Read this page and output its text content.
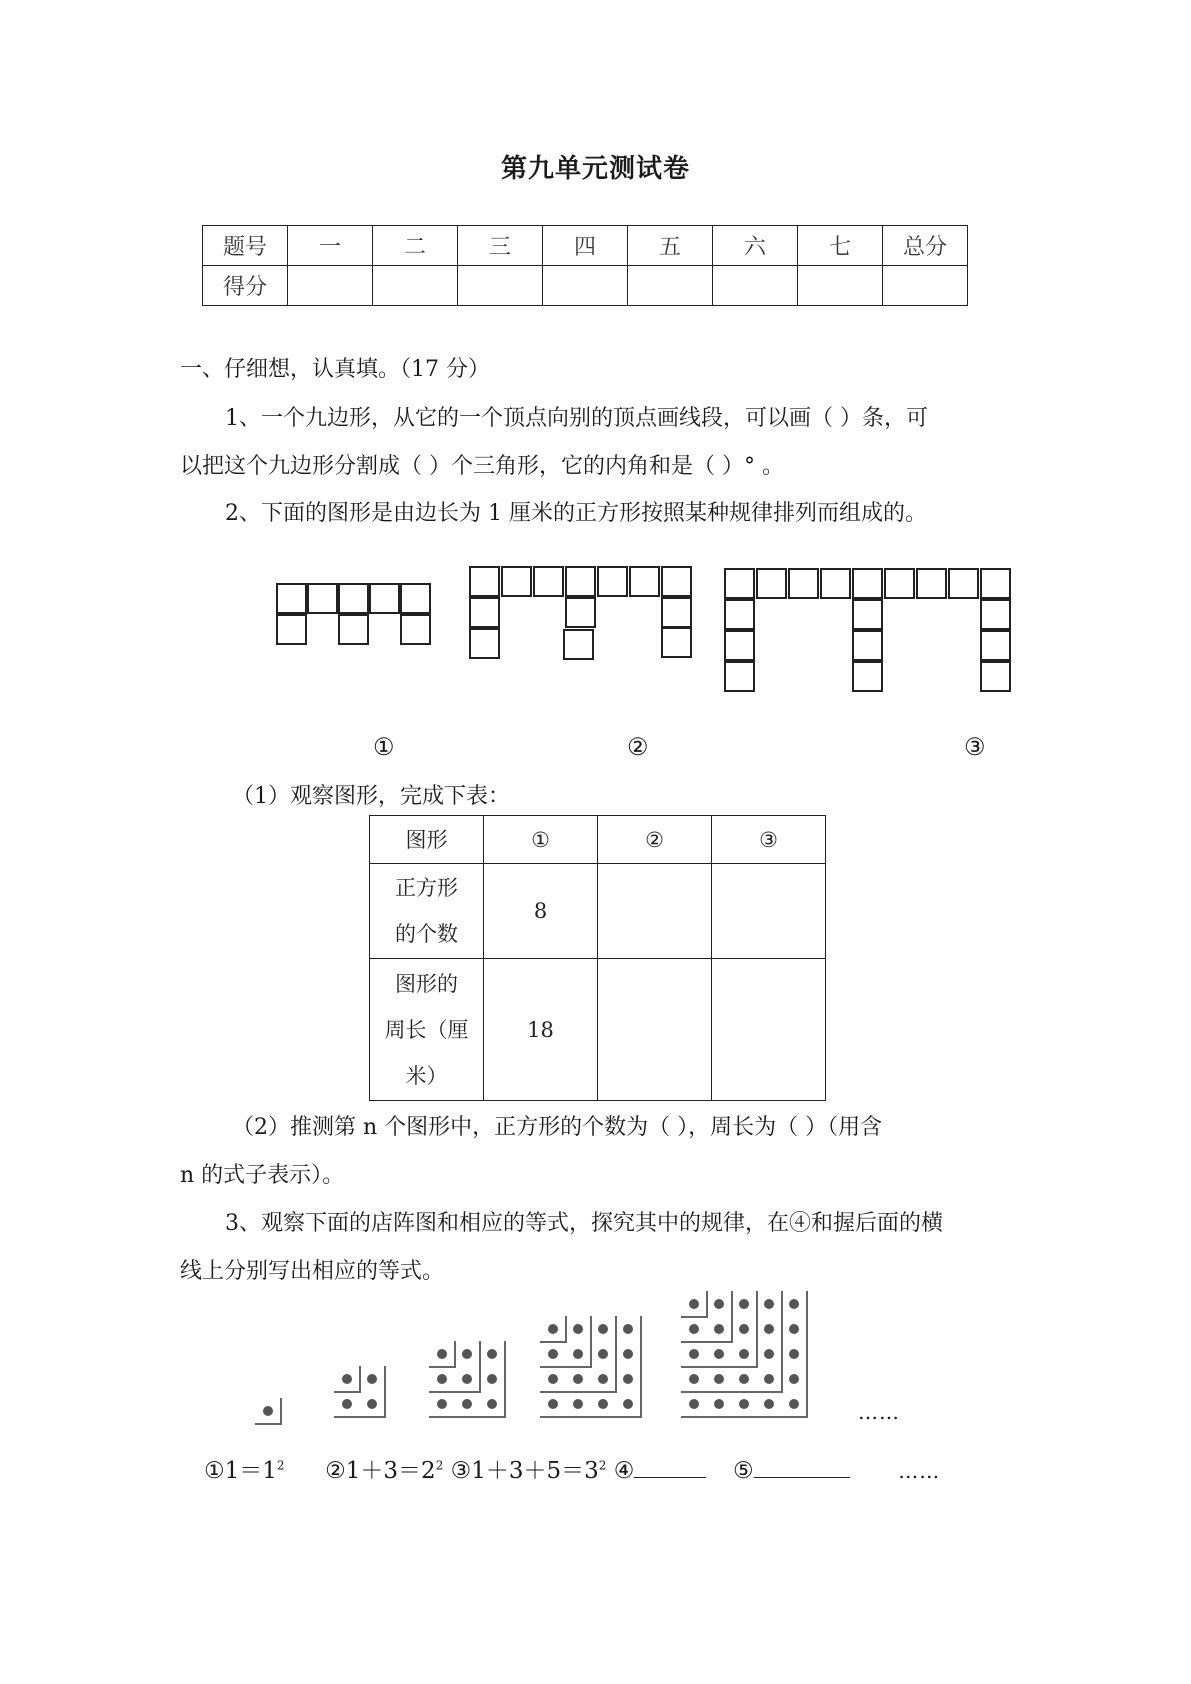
第九单元测试卷
题号	一	二	三	四	五	六	七	总分
得分								
一、仔细想，认真填。（17 分）
1、一个九边形，从它的一个顶点向别的顶点画线段，可以画（ ）条，可
以把这个九边形分割成（ ）个三角形，它的内角和是（ ）° 。
2、下面的图形是由边长为 1 厘米的正方形按照某种规律排列而组成的。
①	②	③
（1）观察图形，完成下表：
图形	①	②	③

正方形
的个数	8		

图形的
周长（厘
米）	18		
（2）推测第 n 个图形中，正方形的个数为（ ），周长为（ ）（用含
n 的式子表示）。
3、观察下面的店阵图和相应的等式，探究其中的规律，在④和握后面的横
线上分别写出相应的等式。
……
$①1=1^2$ $②1+3=2^2$ $③1+3+5=3^2$ ④	⑤	……
